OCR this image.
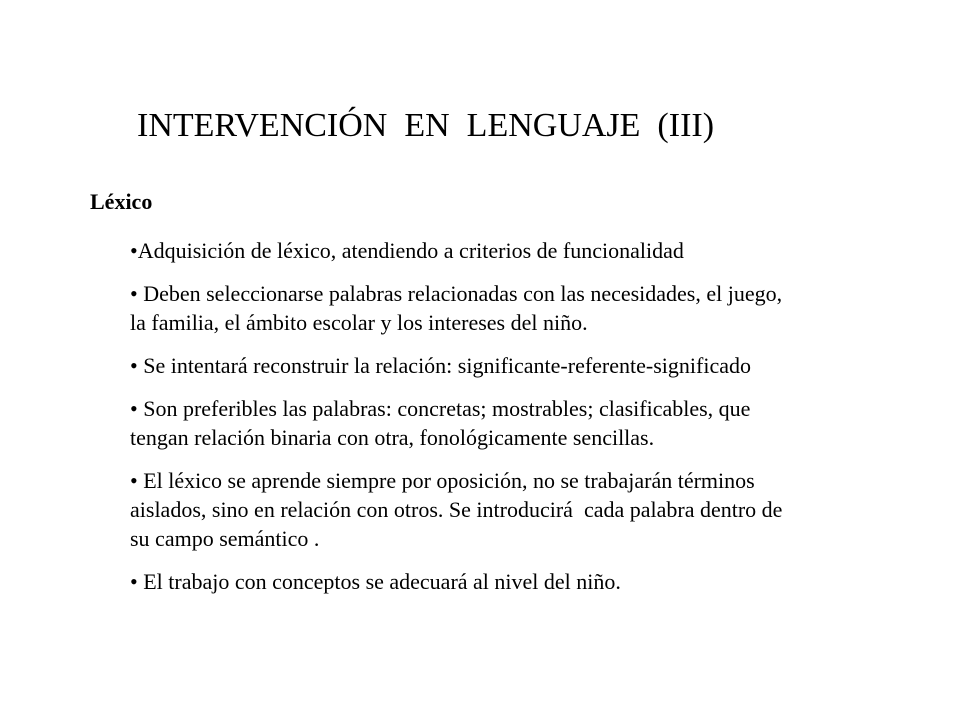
INTERVENCIÓN  EN  LENGUAJE  (III)
Léxico
•Adquisición de léxico, atendiendo a criterios de funcionalidad
• Deben seleccionarse palabras relacionadas con las necesidades, el juego,
la familia, el ámbito escolar y los intereses del niño.
• Se intentará reconstruir la relación: significante-referente-significado
• Son preferibles las palabras: concretas; mostrables; clasificables, que
tengan relación binaria con otra, fonológicamente sencillas.
• El léxico se aprende siempre por oposición, no se trabajarán términos
aislados, sino en relación con otros. Se introducirá  cada palabra dentro de
su campo semántico .
• El trabajo con conceptos se adecuará al nivel del niño.
